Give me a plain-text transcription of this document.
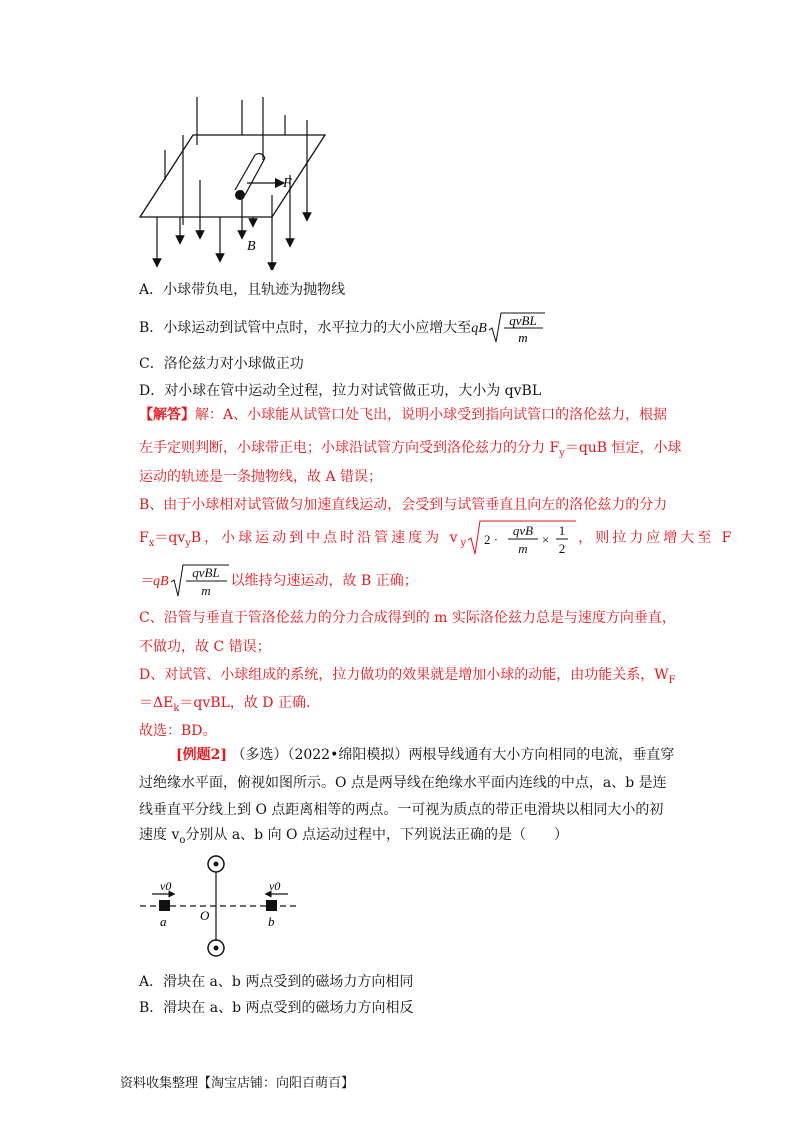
F
B
A．小球带负电，且轨迹为抛物线
B．小球运动到试管中点时，水平拉力的大小应增大至qB
qvBL
m
C．洛伦兹力对小球做正功
D．对小球在管中运动全过程，拉力对试管做正功，大小为 qvBL
【解答】解：A、小球能从试管口处飞出，说明小球受到指向试管口的洛伦兹力，根据
左手定则判断，小球带正电；小球沿试管方向受到洛伦兹力的分力 $F_y=quB$ 恒定，小球
运动的轨迹是一条抛物线，故 A 错误；
B、由于小球相对试管做匀加速直线运动，会受到与试管垂直且向左的洛伦兹力的分力
$F_x=qv_yB$，小球运动到中点时沿管速度为 $v_y$ 2 ·
qvB
m
×
1
2
，则拉力应增大至 F
＝qB
qvBL
m
以维持匀速运动，故 B 正确；
C、沿管与垂直于管洛伦兹力的分力合成得到的 m 实际洛伦兹力总是与速度方向垂直，
不做功，故 C 错误；
D、对试管、小球组成的系统，拉力做功的效果就是增加小球的动能，由功能关系，$W_F$
$=\Delta E_k=qvBL$，故 D 正确．
故选：BD。
[例题2] （多选）（2022•绵阳模拟）两根导线通有大小方向相同的电流，垂直穿
过绝缘水平面，俯视如图所示。O 点是两导线在绝缘水平面内连线的中点，a、b 是连
线垂直平分线上到 O 点距离相等的两点。一可视为质点的带正电滑块以相同大小的初
速度 $v_o$分别从 a、b 向 O 点运动过程中，下列说法正确的是（　　）
v0	v0
a	O	b
A．滑块在 a、b 两点受到的磁场力方向相同
B．滑块在 a、b 两点受到的磁场力方向相反
资料收集整理【淘宝店铺：向阳百萌百】
